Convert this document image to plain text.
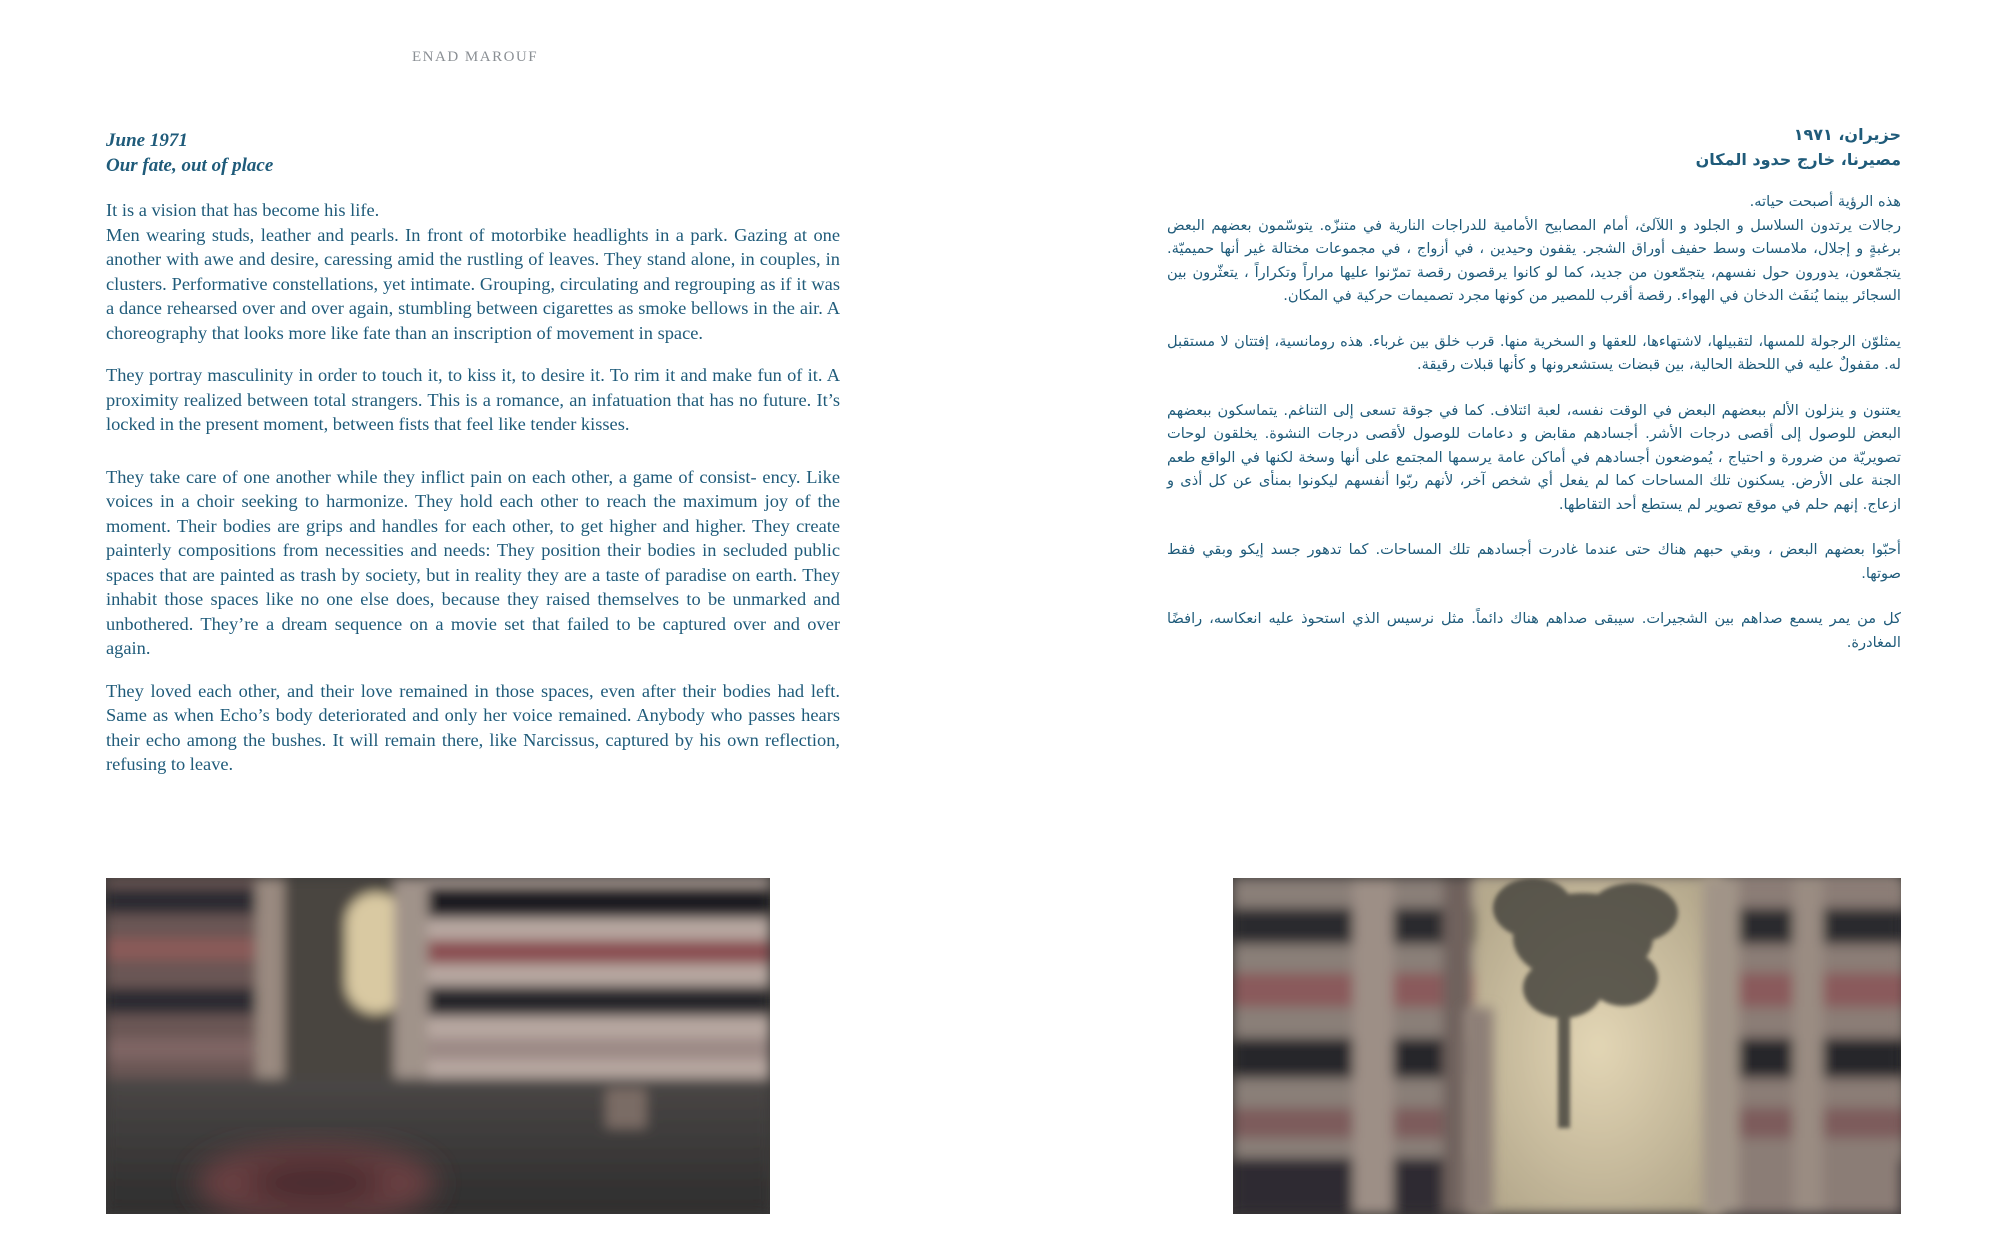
ENAD MAROUF
June 1971
Our fate, out of place
It is a vision that has become his life.
Men wearing studs, leather and pearls. In front of motorbike headlights in a park. Gazing at one another with awe and desire, caressing amid the rustling of leaves. They stand alone, in couples, in clusters. Performative constellations, yet intimate. Grouping, circulating and regrouping as if it was a dance rehearsed over and over again, stumbling between cigarettes as smoke bellows in the air. A choreography that looks more like fate than an inscription of movement in space.
They portray masculinity in order to touch it, to kiss it, to desire it. To rim it and make fun of it. A proximity realized between total strangers. This is a romance, an infatuation that has no future. It’s locked in the present moment, between fists that feel like tender kisses.
They take care of one another while they inflict pain on each other, a game of consist- ency. Like voices in a choir seeking to harmonize. They hold each other to reach the maximum joy of the moment. Their bodies are grips and handles for each other, to get higher and higher. They create painterly compositions from necessities and needs: They position their bodies in secluded public spaces that are painted as trash by society, but in reality they are a taste of paradise on earth. They inhabit those spaces like no one else does, because they raised themselves to be unmarked and unbothered. They’re a dream sequence on a movie set that failed to be captured over and over again.
They loved each other, and their love remained in those spaces, even after their bodies had left. Same as when Echo’s body deteriorated and only her voice remained. Anybody who passes hears their echo among the bushes. It will remain there, like Narcissus, captured by his own reflection, refusing to leave.
حزيران، ١٩٧١
مصيرنا، خارج حدود المكان
هذه الرؤية أصبحت حياته.
رجالات يرتدون السلاسل و الجلود و اللآلئ، أمام المصابيح الأمامية للدراجات النارية في متنزّه. يتوسّمون بعضهم البعض برغبةٍ و إجلال، ملامسات وسط حفيف أوراق الشجر. يقفون وحيدين ، في أزواج ، في مجموعات مختالة غير أنها حميميّة. يتجمّعون، يدورون حول نفسهم، يتجمّعون من جديد، كما لو كانوا يرقصون رقصة تمرّنوا عليها مراراً وتكراراً ، يتعثّرون بين السجائر بينما يُنفَث الدخان في الهواء. رقصة أقرب للمصير من كونها مجرد تصميمات حركية في المكان.
يمثلوّن الرجولة للمسها، لتقبيلها، لاشتهاءها، للعقها و السخرية منها. قرب خلق بين غرباء. هذه رومانسية، إفتتان لا مستقبل له. مقفولٌ عليه في اللحظة الحالية، بين قبضات يستشعرونها و كأنها قبلات رقيقة.
يعتنون و ينزلون الألم ببعضهم البعض في الوقت نفسه، لعبة ائتلاف. كما في جوقة تسعى إلى التناغم. يتماسكون ببعضهم البعض للوصول إلى أقصى درجات الأشر. أجسادهم مقابض و دعامات للوصول لأقصى درجات النشوة. يخلقون لوحات تصويريّة من ضرورة و احتياج ، يُموضعون أجسادهم في أماكن عامة يرسمها المجتمع على أنها وسخة لكنها في الواقع طعم الجنة على الأرض. يسكنون تلك المساحات كما لم يفعل أي شخص آخر، لأنهم ربّوا أنفسهم ليكونوا بمنأى عن كل أذى و ازعاج. إنهم حلم في موقع تصوير لم يستطع أحد التقاطها.
أحبّوا بعضهم البعض ، وبقي حبهم هناك حتى عندما غادرت أجسادهم تلك المساحات. كما تدهور جسد إيكو وبقي فقط صوتها.
كل من يمر يسمع صداهم بين الشجيرات. سيبقى صداهم هناك دائماً. مثل نرسيس الذي استحوذ عليه انعكاسه، رافضًا المغادرة.
